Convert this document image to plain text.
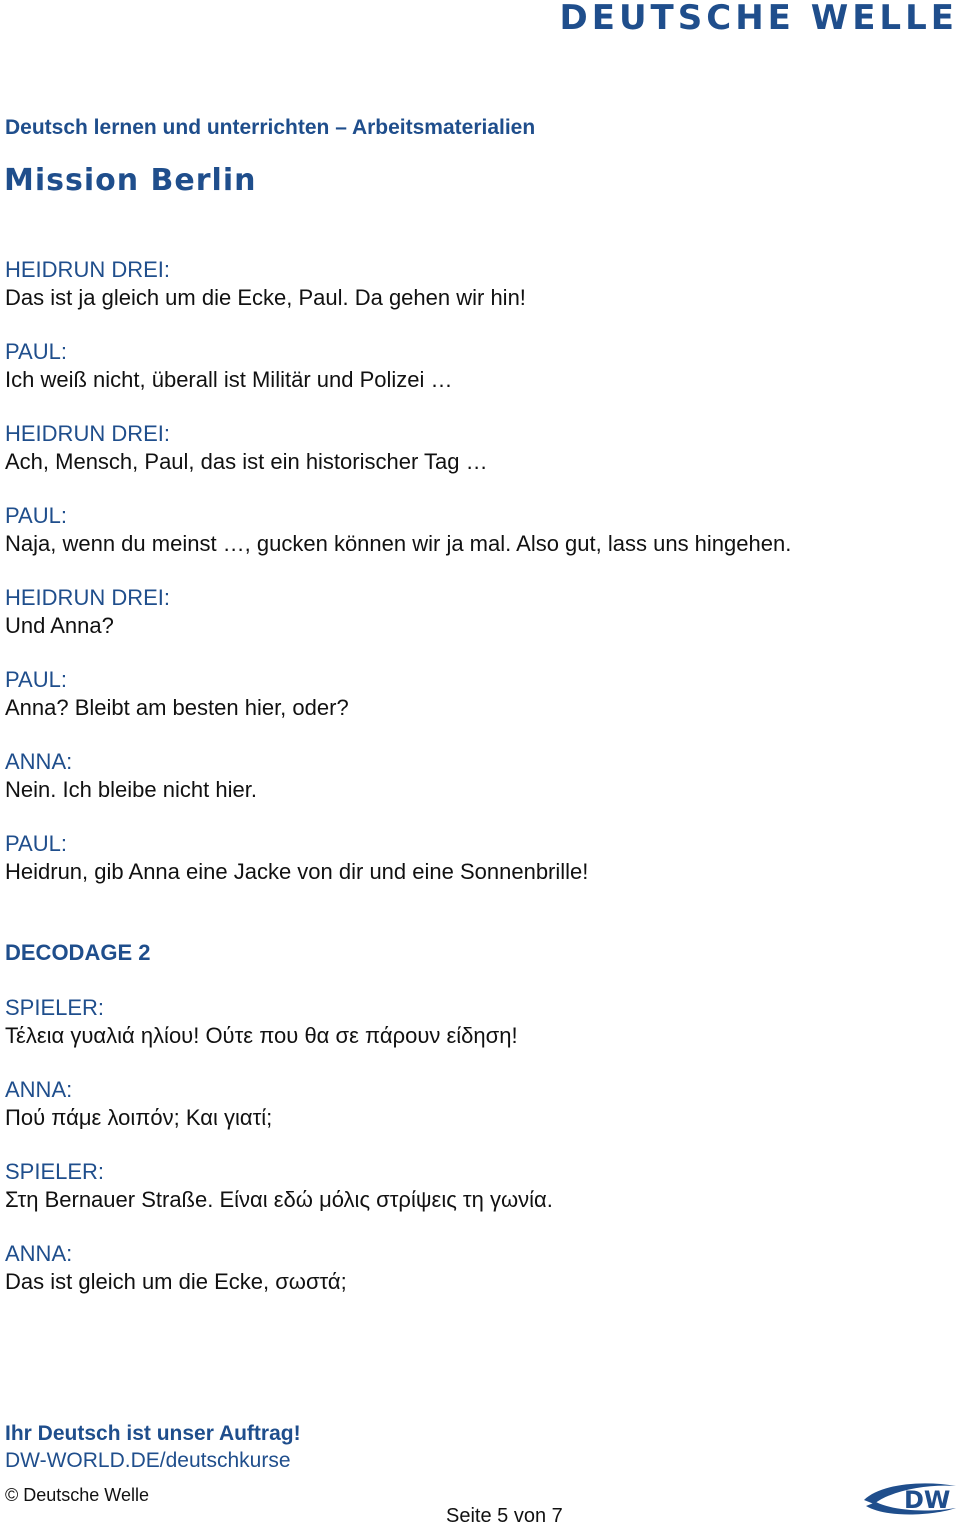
DEUTSCHE WELLE
Deutsch lernen und unterrichten – Arbeitsmaterialien
Mission Berlin
HEIDRUN DREI:
Das ist ja gleich um die Ecke, Paul. Da gehen wir hin!
PAUL:
Ich weiß nicht, überall ist Militär und Polizei …
HEIDRUN DREI:
Ach, Mensch, Paul, das ist ein historischer Tag …
PAUL:
Naja, wenn du meinst …, gucken können wir ja mal. Also gut, lass uns hingehen.
HEIDRUN DREI:
Und Anna?
PAUL:
Anna? Bleibt am besten hier, oder?
ANNA:
Nein. Ich bleibe nicht hier.
PAUL:
Heidrun, gib Anna eine Jacke von dir und eine Sonnenbrille!
DECODAGE 2
SPIELER:
Τέλεια γυαλιά ηλίου! Ούτε που θα σε πάρουν είδηση!
ANNA:
Πού πάμε λοιπόν; Και γιατί;
SPIELER:
Στη Bernauer Straße. Είναι εδώ μόλις στρίψεις τη γωνία.
ANNA:
Das ist gleich um die Ecke, σωστά;
Ihr Deutsch ist unser Auftrag!
DW-WORLD.DE/deutschkurse
© Deutsche Welle
Seite 5 von 7
DW
